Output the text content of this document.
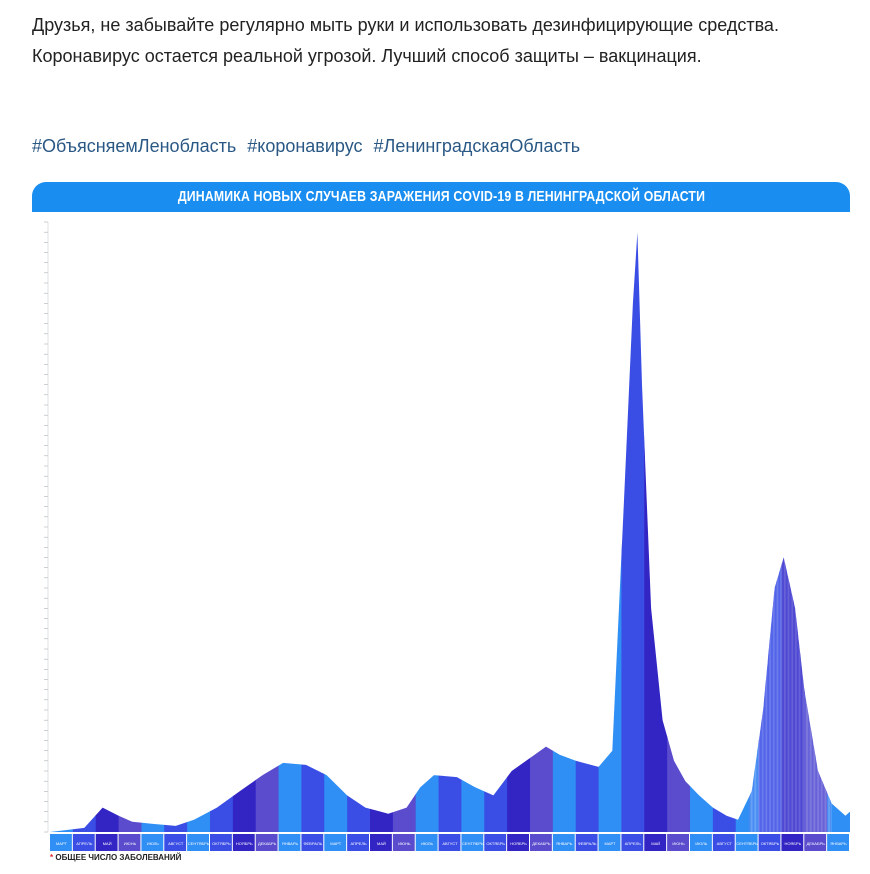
Друзья, не забывайте регулярно мыть руки и использовать дезинфицирующие средства. Коронавирус остается реальной угрозой. Лучший способ защиты – вакцинация.

#ОбъясняемЛенобласть #коронавирус #ЛенинградскаяОбласть
ДИНАМИКА НОВЫХ СЛУЧАЕВ ЗАРАЖЕНИЯ COVID-19 В ЛЕНИНГРАДСКОЙ ОБЛАСТИ
МАРТ АПРЕЛЬ	МАЙ	ИЮНЬ	ИЮЛЬ АВГУСТ СЕНТЯБРЬ ОКТЯБРЬ НОЯБРЬ ДЕКАБРЬ ЯНВАРЬ ФЕВРАЛЬ МАРТ АПРЕЛЬ	МАЙ	ИЮНЬ	ИЮЛЬ АВГУСТ СЕНТЯБРЬ ОКТЯБРЬ НОЯБРЬ ДЕКАБРЬ ЯНВАРЬ ФЕВРАЛЬ МАРТ АПРЕЛЬ	МАЙ	ИЮНЬ	ИЮЛЬ АВГУСТ СЕНТЯБРЬ ОКТЯБРЬ НОЯБРЬ ДЕКАБРЬ ЯНВАРЬ
* ОБЩЕЕ ЧИСЛО ЗАБОЛЕВАНИЙ
